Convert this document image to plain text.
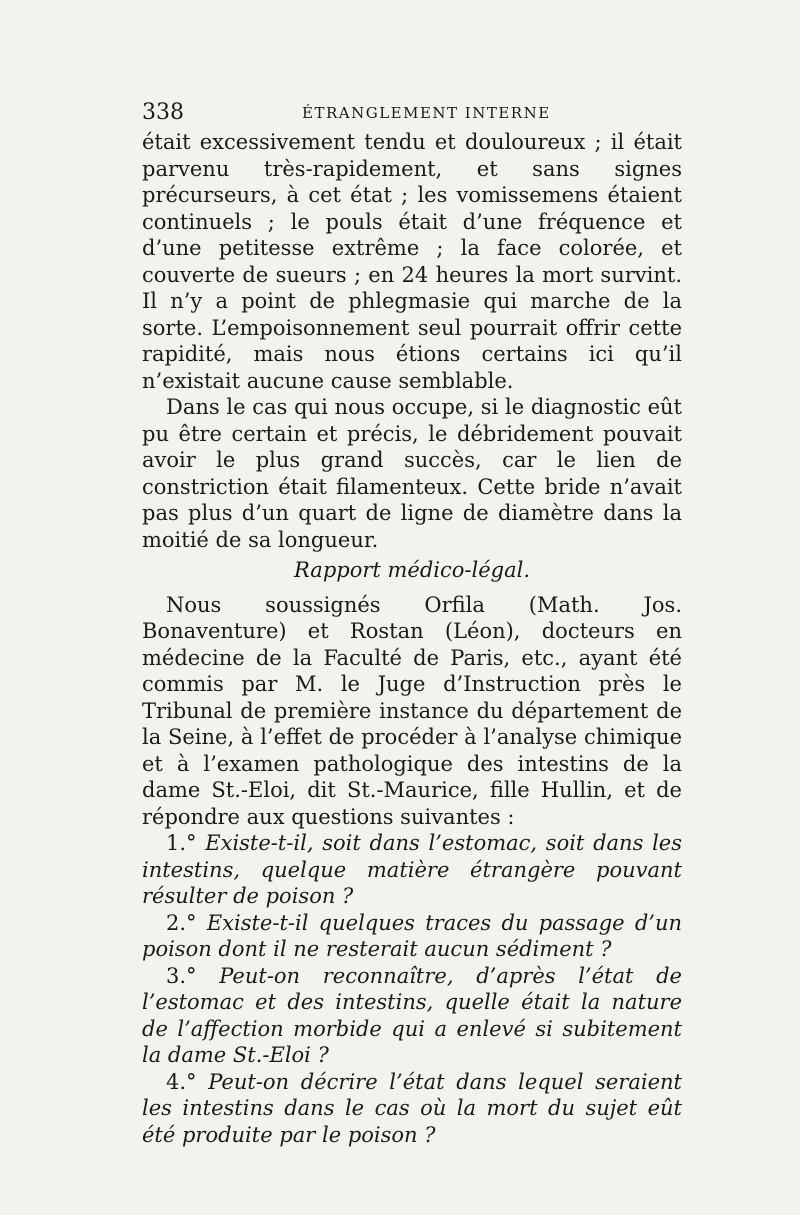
338	ÉTRANGLEMENT INTERNE

était excessivement tendu et douloureux ; il était parvenu très-rapidement, et sans signes précurseurs, à cet état ; les vomissemens étaient continuels ; le pouls était d’une fréquence et d’une petitesse extrême ; la face colorée, et couverte de sueurs ; en 24 heures la mort survint. Il n’y a point de phlegmasie qui marche de la sorte. L’empoisonnement seul pourrait offrir cette rapidité, mais nous étions certains ici qu’il n’existait aucune cause semblable.

Dans le cas qui nous occupe, si le diagnostic eût pu être certain et précis, le débridement pouvait avoir le plus grand succès, car le lien de constriction était filamenteux. Cette bride n’avait pas plus d’un quart de ligne de diamètre dans la moitié de sa longueur.

Rapport médico-légal.

Nous soussignés Orfila (Math. Jos. Bonaventure) et Rostan (Léon), docteurs en médecine de la Faculté de Paris, etc., ayant été commis par M. le Juge d’Instruction près le Tribunal de première instance du département de la Seine, à l’effet de procéder à l’analyse chimique et à l’examen pathologique des intestins de la dame St.-Eloi, dit St.-Maurice, fille Hullin, et de répondre aux questions suivantes :

1.° Existe-t-il, soit dans l’estomac, soit dans les intestins, quelque matière étrangère pouvant résulter de poison ?

2.° Existe-t-il quelques traces du passage d’un poison dont il ne resterait aucun sédiment ?

3.° Peut-on reconnaître, d’après l’état de l’estomac et des intestins, quelle était la nature de l’affection morbide qui a enlevé si subitement la dame St.-Eloi ?

4.° Peut-on décrire l’état dans lequel seraient les intestins dans le cas où la mort du sujet eût été produite par le poison ?
